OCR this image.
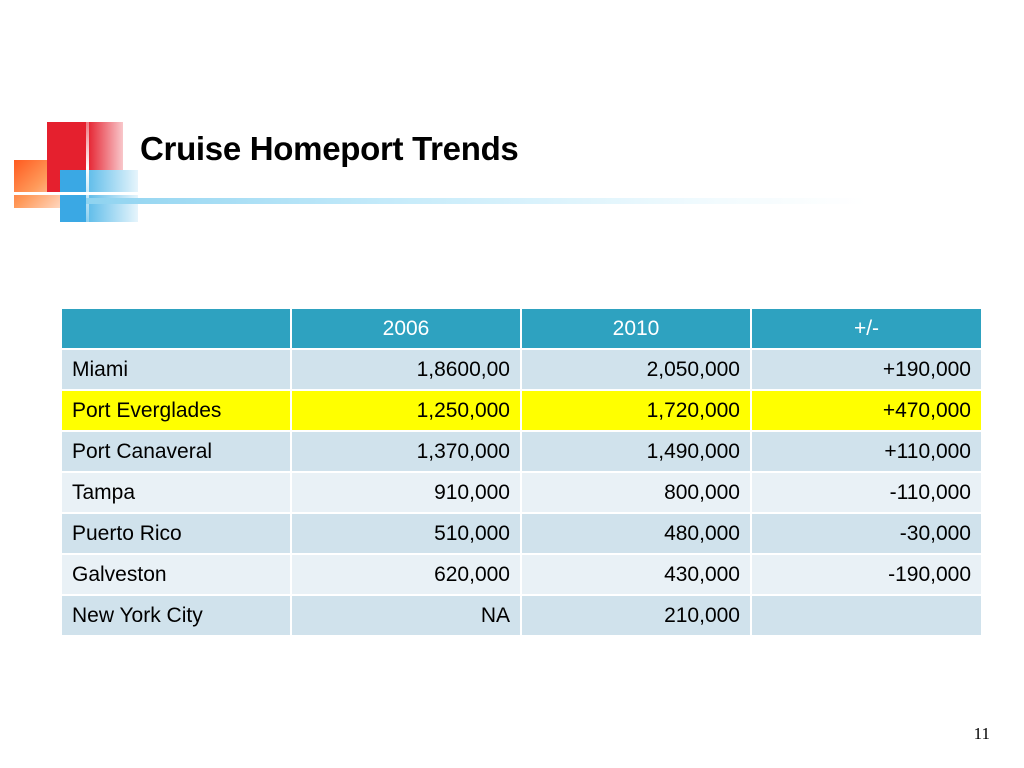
Cruise Homeport Trends
	2006	2010	+/-
Miami	1,8600,00	2,050,000	+190,000
Port Everglades	1,250,000	1,720,000	+470,000
Port Canaveral	1,370,000	1,490,000	+110,000
Tampa	910,000	800,000	-110,000
Puerto Rico	510,000	480,000	-30,000
Galveston	620,000	430,000	-190,000
New York City	NA	210,000	
11
